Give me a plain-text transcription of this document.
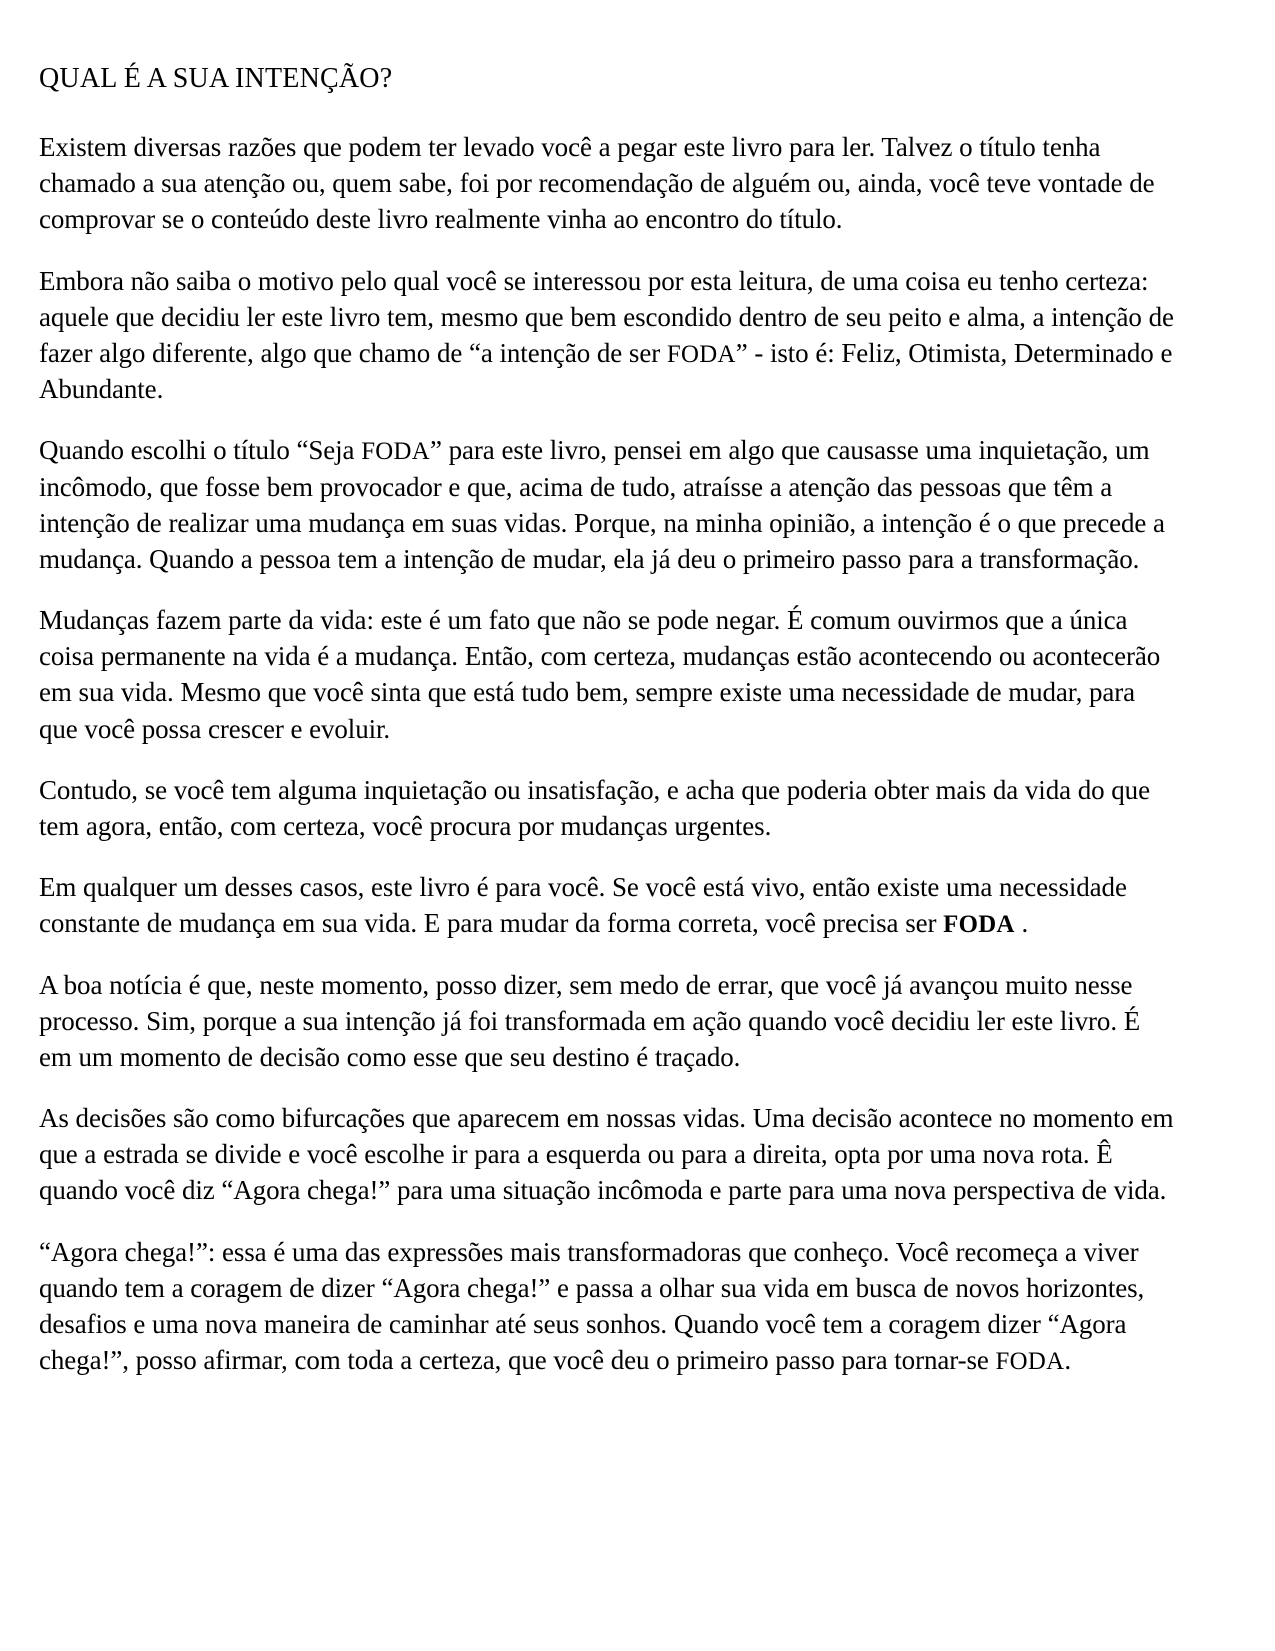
QUAL É A SUA INTENÇÃO?

Existem diversas razões que podem ter levado você a pegar este livro para ler. Talvez o título tenha chamado a sua atenção ou, quem sabe, foi por recomendação de alguém ou, ainda, você teve vontade de comprovar se o conteúdo deste livro realmente vinha ao encontro do título.

Embora não saiba o motivo pelo qual você se interessou por esta leitura, de uma coisa eu tenho certeza: aquele que decidiu ler este livro tem, mesmo que bem escondido dentro de seu peito e alma, a intenção de fazer algo diferente, algo que chamo de “a intenção de ser FODA” - isto é: Feliz, Otimista, Determinado e Abundante.

Quando escolhi o título “Seja FODA” para este livro, pensei em algo que causasse uma inquietação, um incômodo, que fosse bem provocador e que, acima de tudo, atraísse a atenção das pessoas que têm a intenção de realizar uma mudança em suas vidas. Porque, na minha opinião, a intenção é o que precede a mudança. Quando a pessoa tem a intenção de mudar, ela já deu o primeiro passo para a transformação.

Mudanças fazem parte da vida: este é um fato que não se pode negar. É comum ouvirmos que a única coisa permanente na vida é a mudança. Então, com certeza, mudanças estão acontecendo ou acontecerão em sua vida. Mesmo que você sinta que está tudo bem, sempre existe uma necessidade de mudar, para que você possa crescer e evoluir.

Contudo, se você tem alguma inquietação ou insatisfação, e acha que poderia obter mais da vida do que tem agora, então, com certeza, você procura por mudanças urgentes.

Em qualquer um desses casos, este livro é para você. Se você está vivo, então existe uma necessidade constante de mudança em sua vida. E para mudar da forma correta, você precisa ser FODA .

A boa notícia é que, neste momento, posso dizer, sem medo de errar, que você já avançou muito nesse processo. Sim, porque a sua intenção já foi transformada em ação quando você decidiu ler este livro. É em um momento de decisão como esse que seu destino é traçado.

As decisões são como bifurcações que aparecem em nossas vidas. Uma decisão acontece no momento em que a estrada se divide e você escolhe ir para a esquerda ou para a direita, opta por uma nova rota. Ê quando você diz “Agora chega!” para uma situação incômoda e parte para uma nova perspectiva de vida.

“Agora chega!”: essa é uma das expressões mais transformadoras que conheço. Você recomeça a viver quando tem a coragem de dizer “Agora chega!” e passa a olhar sua vida em busca de novos horizontes, desafios e uma nova maneira de caminhar até seus sonhos. Quando você tem a coragem dizer “Agora chega!”, posso afirmar, com toda a certeza, que você deu o primeiro passo para tornar-se FODA.
